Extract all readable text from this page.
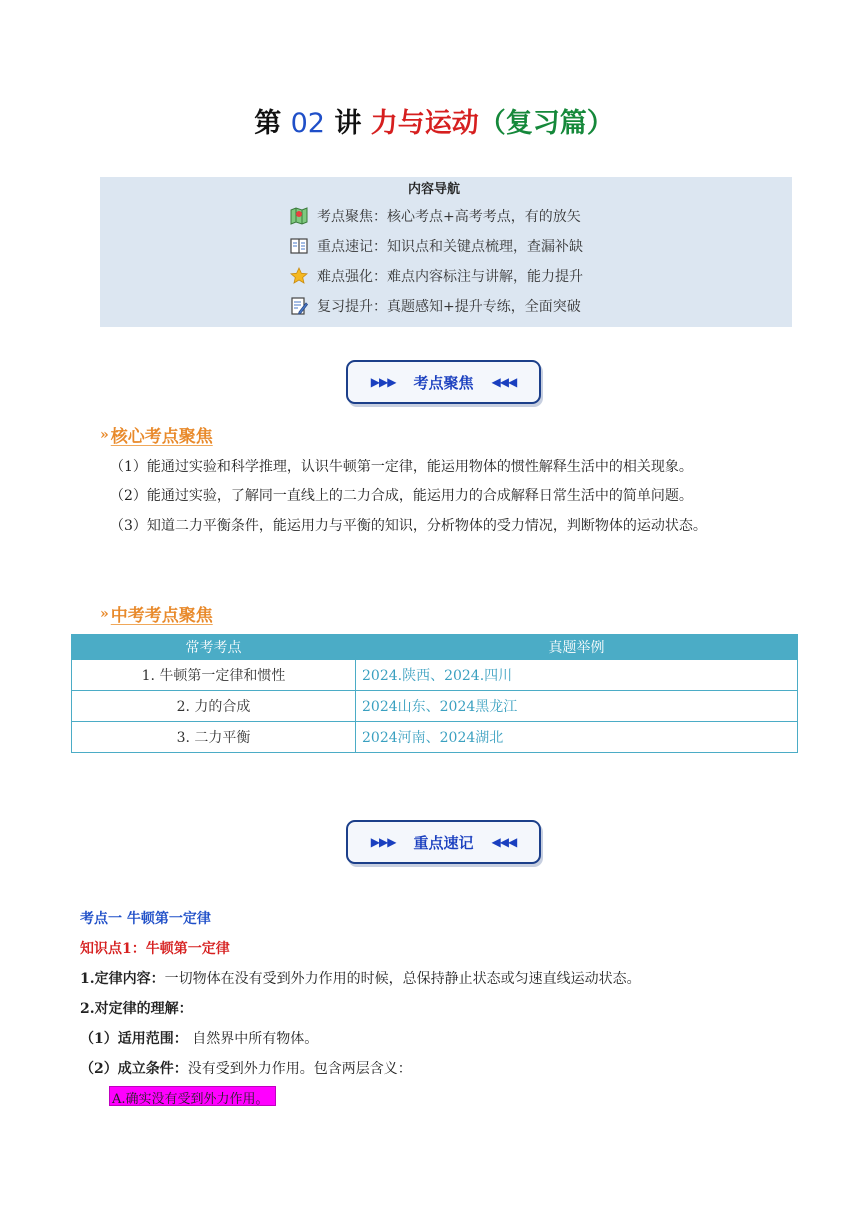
第 02 讲 力与运动（复习篇）
内容导航
考点聚焦：核心考点+高考考点，有的放矢
重点速记：知识点和关键点梳理，查漏补缺
难点强化：难点内容标注与讲解，能力提升
复习提升：真题感知+提升专练，全面突破
▶▶▶ 考点聚焦 ◀◀◀
» 核心考点聚焦
（1）能通过实验和科学推理，认识牛顿第一定律，能运用物体的惯性解释生活中的相关现象。
（2）能通过实验，了解同一直线上的二力合成，能运用力的合成解释日常生活中的简单问题。
（3）知道二力平衡条件，能运用力与平衡的知识，分析物体的受力情况，判断物体的运动状态。
» 中考考点聚焦
常考考点	真题举例
1. 牛顿第一定律和惯性	2024.陕西、2024.四川
2. 力的合成	2024山东、2024黑龙江
3. 二力平衡	2024河南、2024湖北
▶▶▶ 重点速记 ◀◀◀
考点一 牛顿第一定律
知识点1：牛顿第一定律
1.定律内容：一切物体在没有受到外力作用的时候，总保持静止状态或匀速直线运动状态。
2.对定律的理解：
（1）适用范围： 自然界中所有物体。
（2）成立条件：没有受到外力作用。包含两层含义：
A.确实没有受到外力作用。
